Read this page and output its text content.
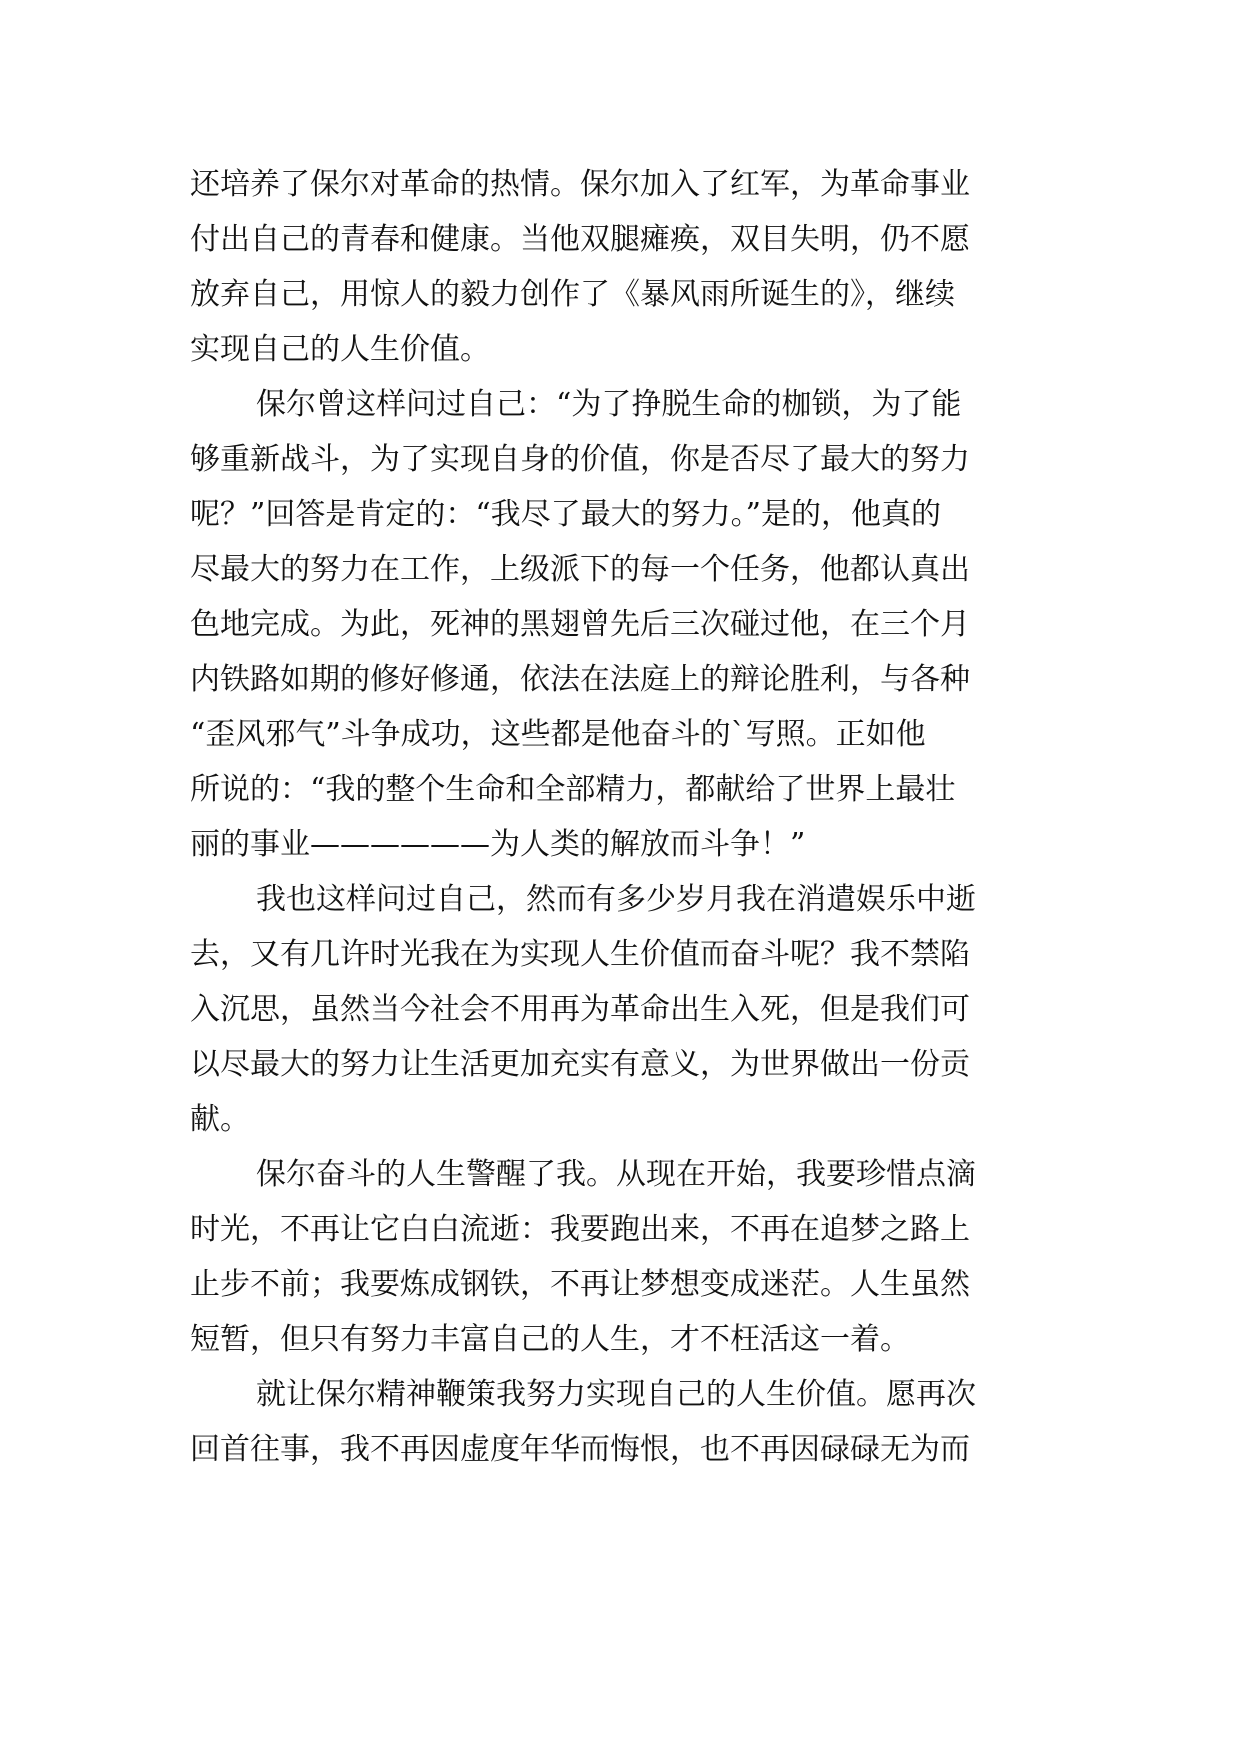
还培养了保尔对革命的热情。保尔加入了红军，为革命事业
付出自己的青春和健康。当他双腿瘫痪，双目失明，仍不愿
放弃自己，用惊人的毅力创作了《暴风雨所诞生的》，继续
实现自己的人生价值。
保尔曾这样问过自己：“为了挣脱生命的枷锁，为了能
够重新战斗，为了实现自身的价值，你是否尽了最大的努力
呢？”回答是肯定的：“我尽了最大的努力。”是的，他真的
尽最大的努力在工作，上级派下的每一个任务，他都认真出
色地完成。为此，死神的黑翅曾先后三次碰过他，在三个月
内铁路如期的修好修通，依法在法庭上的辩论胜利，与各种
“歪风邪气”斗争成功，这些都是他奋斗的`写照。正如他
所说的：“我的整个生命和全部精力，都献给了世界上最壮
丽的事业——————为人类的解放而斗争！”
我也这样问过自己，然而有多少岁月我在消遣娱乐中逝
去，又有几许时光我在为实现人生价值而奋斗呢？我不禁陷
入沉思，虽然当今社会不用再为革命出生入死，但是我们可
以尽最大的努力让生活更加充实有意义，为世界做出一份贡
献。
保尔奋斗的人生警醒了我。从现在开始，我要珍惜点滴
时光，不再让它白白流逝：我要跑出来，不再在追梦之路上
止步不前；我要炼成钢铁，不再让梦想变成迷茫。人生虽然
短暂，但只有努力丰富自己的人生，才不枉活这一着。
就让保尔精神鞭策我努力实现自己的人生价值。愿再次
回首往事，我不再因虚度年华而悔恨，也不再因碌碌无为而
